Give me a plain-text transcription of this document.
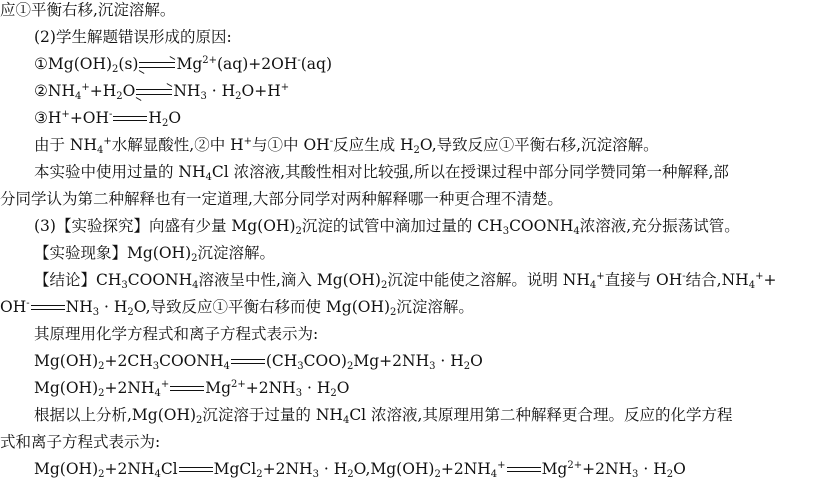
应①平衡右移,沉淀溶解。
(2)学生解题错误形成的原因:
$①Mg(OH)_2(s)$ $Mg^{2+}(aq)+2OH^-(aq)$
$②NH_4^++H_2O$ $NH_3 \cdot H_2O+H^+$
③H++OH- $H_2O$
由于 $NH_4^+$水解显酸性,②中 H+与①中 OH-反应生成 $H_2O$,导致反应①平衡右移,沉淀溶解。
本实验中使用过量的 $NH_4Cl$ 浓溶液,其酸性相对比较强,所以在授课过程中部分同学赞同第一种解释,部
分同学认为第二种解释也有一定道理,大部分同学对两种解释哪一种更合理不清楚。
(3)【实验探究】向盛有少量 $Mg(OH)_2$沉淀的试管中滴加过量的 $CH_3COONH_4$浓溶液,充分振荡试管。
【实验现象】$Mg(OH)_2$沉淀溶解。
【结论】$CH_3COONH_4$溶液呈中性,滴入 $Mg(OH)_2$沉淀中能使之溶解。说明 $NH_4^+$直接与 OH-结合$,NH_4^++$
OH- $NH_3 \cdot H_2O$,导致反应①平衡右移而使 $Mg(OH)_2$沉淀溶解。
其原理用化学方程式和离子方程式表示为:
$Mg(OH)_2+2CH_3COONH_4$ $(CH_3COO)_2Mg+2NH_3 \cdot H_2O$
$Mg(OH)_2+2NH_4^+$ $Mg^{2+}+2NH_3 \cdot H_2O$
根据以上分析$,Mg(OH)_2$沉淀溶于过量的 $NH_4Cl$ 浓溶液,其原理用第二种解释更合理。反应的化学方程
式和离子方程式表示为:
$Mg(OH)_2+2NH_4Cl$ $MgCl_2+2NH_3 \cdot H_2O,Mg(OH)_2+2NH_4^+$ $Mg^{2+}+2NH_3 \cdot H_2O$
